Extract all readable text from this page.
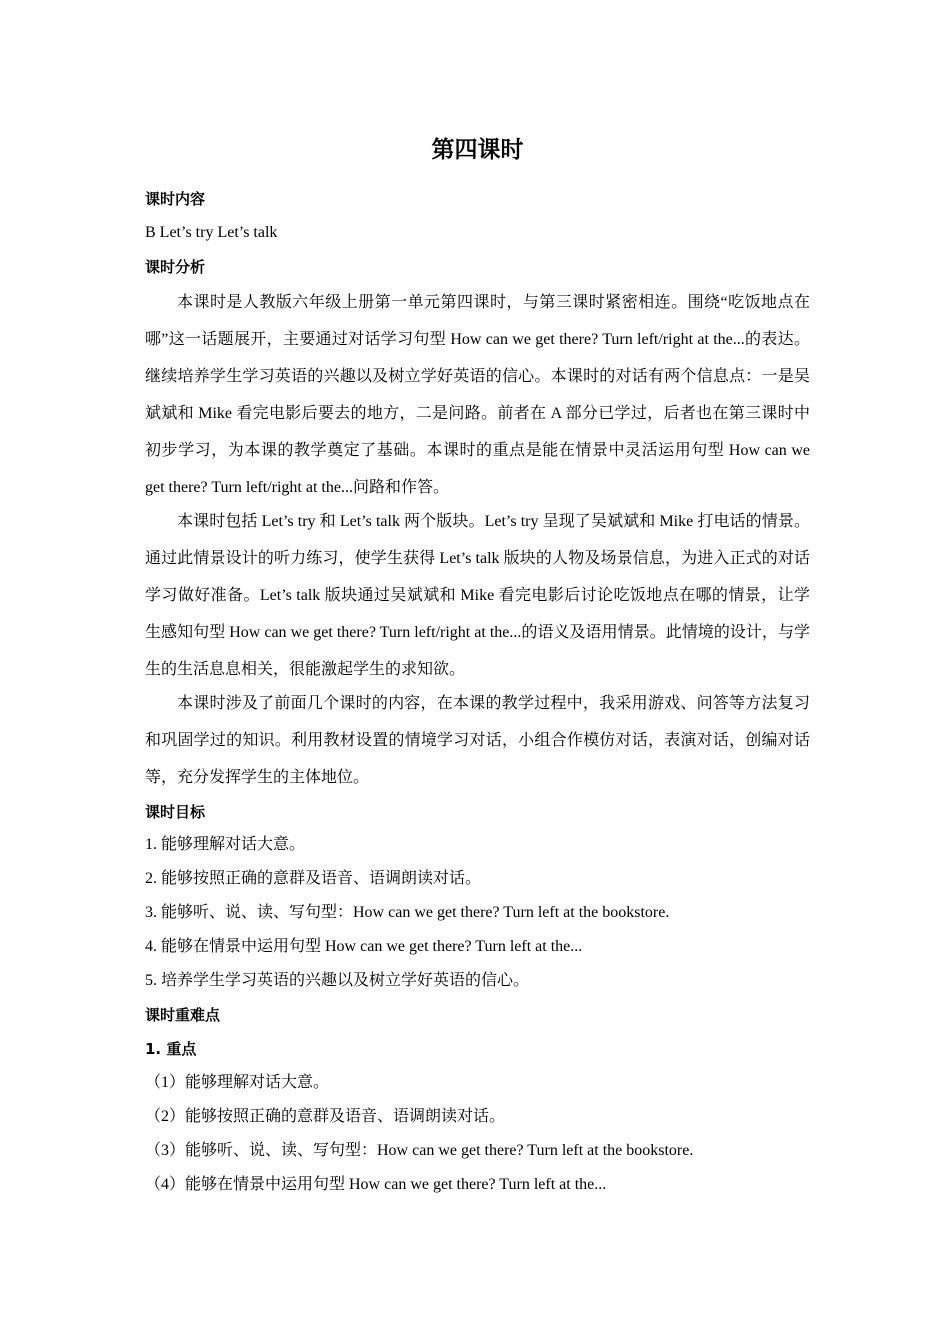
第四课时
课时内容
B Let’s try Let’s talk
课时分析
本课时是人教版六年级上册第一单元第四课时，与第三课时紧密相连。围绕“吃饭地点在哪”这一话题展开，主要通过对话学习句型 How can we get there? Turn left/right at the...的表达。继续培养学生学习英语的兴趣以及树立学好英语的信心。本课时的对话有两个信息点：一是吴斌斌和 Mike 看完电影后要去的地方，二是问路。前者在 A 部分已学过，后者也在第三课时中初步学习，为本课的教学奠定了基础。本课时的重点是能在情景中灵活运用句型 How can we get there? Turn left/right at the...问路和作答。
本课时包括 Let’s try 和 Let’s talk 两个版块。Let’s try 呈现了吴斌斌和 Mike 打电话的情景。通过此情景设计的听力练习，使学生获得 Let’s talk 版块的人物及场景信息，为进入正式的对话学习做好准备。Let’s talk 版块通过吴斌斌和 Mike 看完电影后讨论吃饭地点在哪的情景，让学生感知句型 How can we get there? Turn left/right at the...的语义及语用情景。此情境的设计，与学生的生活息息相关，很能激起学生的求知欲。
本课时涉及了前面几个课时的内容，在本课的教学过程中，我采用游戏、问答等方法复习和巩固学过的知识。利用教材设置的情境学习对话，小组合作模仿对话，表演对话，创编对话等，充分发挥学生的主体地位。
课时目标
1. 能够理解对话大意。
2. 能够按照正确的意群及语音、语调朗读对话。
3. 能够听、说、读、写句型：How can we get there? Turn left at the bookstore.
4. 能够在情景中运用句型 How can we get there? Turn left at the...
5. 培养学生学习英语的兴趣以及树立学好英语的信心。
课时重难点
1. 重点
（1）能够理解对话大意。
（2）能够按照正确的意群及语音、语调朗读对话。
（3）能够听、说、读、写句型：How can we get there? Turn left at the bookstore.
（4）能够在情景中运用句型 How can we get there? Turn left at the...
